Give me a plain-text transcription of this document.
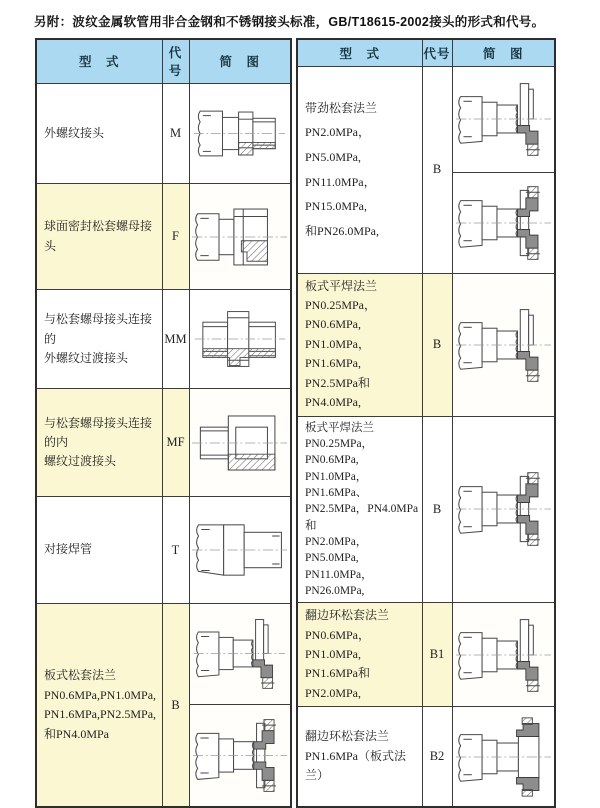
另附：波纹金属软管用非合金钢和不锈钢接头标准，GB/T18615-2002接头的形式和代号。
型　式	代号	简　图

外螺纹接头	M	

球面密封松套螺母接头	F	

与松套螺母接头连接的
外螺纹过渡接头	MM	

与松套螺母接头连接的内
螺纹过渡接头	MF	

对接焊管	T	

板式松套法兰
PN0.6MPa,PN1.0MPa,
PN1.6MPa,PN2.5MPa,
和PN4.0MPa	B	

型　式	代号	简　图

带劲松套法兰
PN2.0MPa，PN5.0MPa,
PN11.0MPa，PN15.0MPa,
和PN26.0MPa,	B	

板式平焊法兰
PN0.25MPa，PN0.6MPa,
PN1.0MPa，PN1.6MPa,
PN2.5MPa和PN4.0MPa,	B	

板式平焊法兰
PN0.25MPa，PN0.6MPa,
PN1.0MPa，PN1.6MPa、
PN2.5MPa，PN4.0MPa和
PN2.0MPa，PN5.0MPa,
PN11.0MPa，PN26.0MPa,
	B	

翻边环松套法兰
PN0.6MPa，PN1.0MPa,
PN1.6MPa和PN2.0MPa,	B1	

翻边环松套法兰
PN1.6MPa（板式法兰）	B2	
